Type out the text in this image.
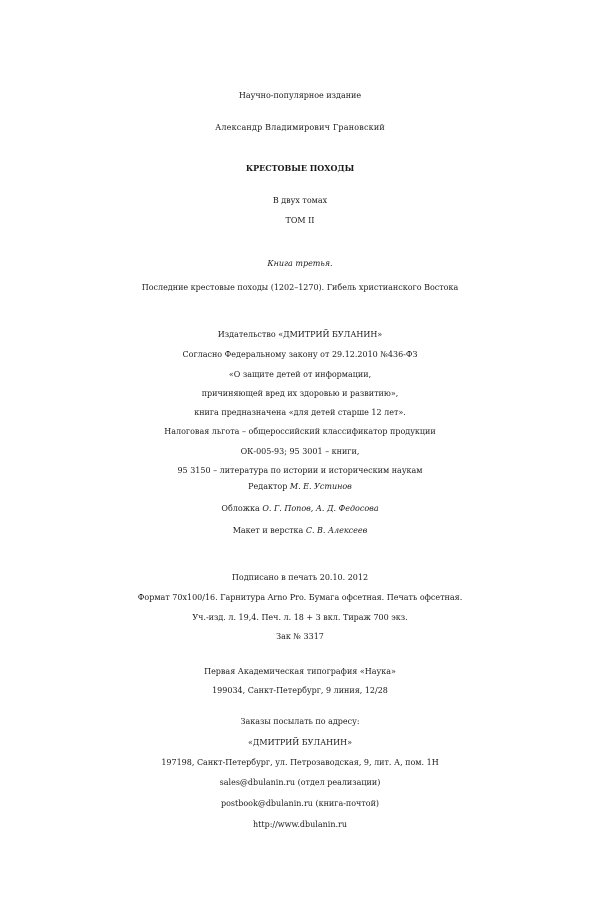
Научно-популярное издание
Александр Владимирович Грановский
КРЕСТОВЫЕ ПОХОДЫ
В двух томах
ТОМ II
Книга третья.
Последние крестовые походы (1202–1270). Гибель христианского Востока
Издательство «ДМИТРИЙ БУЛАНИН»
Согласно Федеральному закону от 29.12.2010 №436-ФЗ
«О защите детей от информации,
причиняющей вред их здоровью и развитию»,
книга предназначена «для детей старше 12 лет».
Налоговая льгота – общероссийский классификатор продукции
ОК-005-93; 95 3001 – книги,
95 3150 – литература по истории и историческим наукам
Редактор М. Е. Устинов
Обложка О. Г. Попов, А. Д. Федосова
Макет и верстка С. В. Алексеев
Подписано в печать 20.10. 2012
Формат 70x100/16. Гарнитура Arno Pro. Бумага офсетная. Печать офсетная.
Уч.-изд. л. 19,4. Печ. л. 18 + 3 вкл. Тираж 700 экз.
Зак № 3317
Первая Академическая типография «Наука»
199034, Санкт-Петербург, 9 линия, 12/28
Заказы посылать по адресу:
«ДМИТРИЙ БУЛАНИН»
197198, Санкт-Петербург, ул. Петрозаводская, 9, лит. А, пом. 1Н
sales@dbulanin.ru (отдел реализации)
postbook@dbulanin.ru (книга-почтой)
http://www.dbulanin.ru
